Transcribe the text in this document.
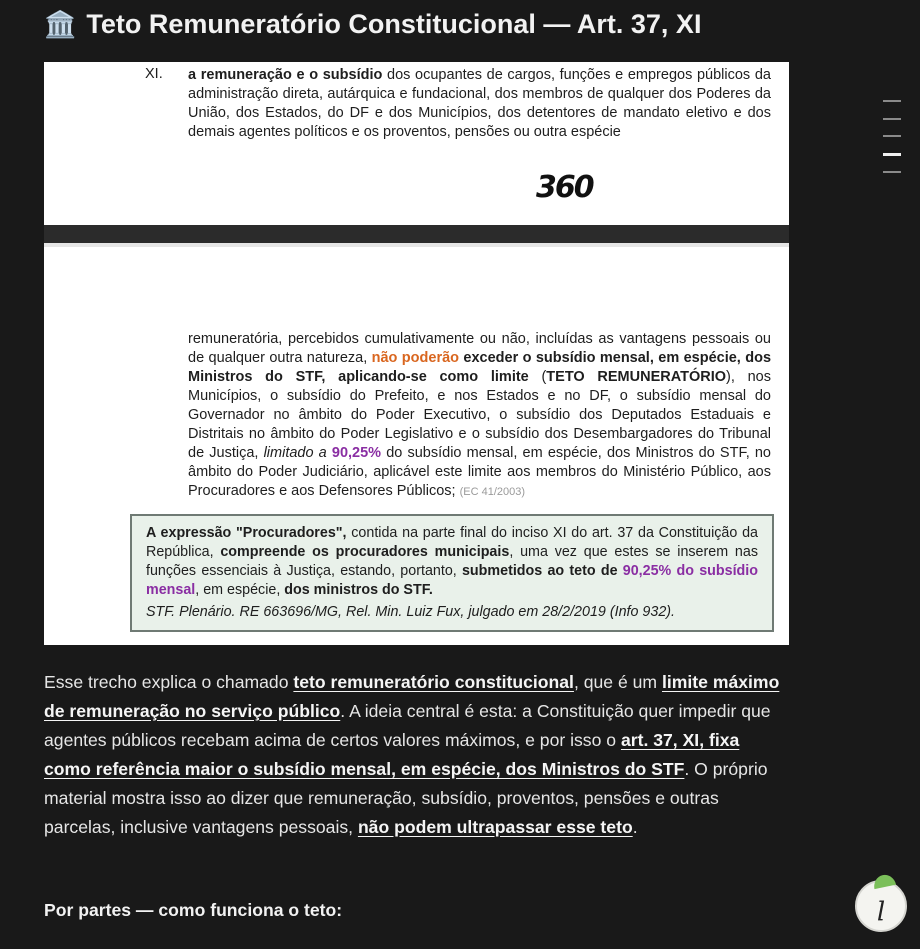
🏛️ Teto Remuneratório Constitucional — Art. 37, XI
XI. a remuneração e o subsídio dos ocupantes de cargos, funções e empregos públicos da administração direta, autárquica e fundacional, dos membros de qualquer dos Poderes da União, dos Estados, do DF e dos Municípios, dos detentores de mandato eletivo e dos demais agentes políticos e os proventos, pensões ou outra espécie

360

remuneratória, percebidos cumulativamente ou não, incluídas as vantagens pessoais ou de qualquer outra natureza, não poderão exceder o subsídio mensal, em espécie, dos Ministros do STF, aplicando-se como limite (TETO REMUNERATÓRIO), nos Municípios, o subsídio do Prefeito, e nos Estados e no DF, o subsídio mensal do Governador no âmbito do Poder Executivo, o subsídio dos Deputados Estaduais e Distritais no âmbito do Poder Legislativo e o subsídio dos Desembargadores do Tribunal de Justiça, limitado a 90,25% do subsídio mensal, em espécie, dos Ministros do STF, no âmbito do Poder Judiciário, aplicável este limite aos membros do Ministério Público, aos Procuradores e aos Defensores Públicos; (EC 41/2003)

A expressão "Procuradores", contida na parte final do inciso XI do art. 37 da Constituição da República, compreende os procuradores municipais, uma vez que estes se inserem nas funções essenciais à Justiça, estando, portanto, submetidos ao teto de 90,25% do subsídio mensal, em espécie, dos ministros do STF.

STF. Plenário. RE 663696/MG, Rel. Min. Luiz Fux, julgado em 28/2/2019 (Info 932).

Esse trecho explica o chamado teto remuneratório constitucional, que é um limite máximo de remuneração no serviço público. A ideia central é esta: a Constituição quer impedir que agentes públicos recebam acima de certos valores máximos, e por isso o art. 37, XI, fixa como referência maior o subsídio mensal, em espécie, dos Ministros do STF. O próprio material mostra isso ao dizer que remuneração, subsídio, proventos, pensões e outras parcelas, inclusive vantagens pessoais, não podem ultrapassar esse teto.

Por partes — como funciona o teto:	ꞁ
